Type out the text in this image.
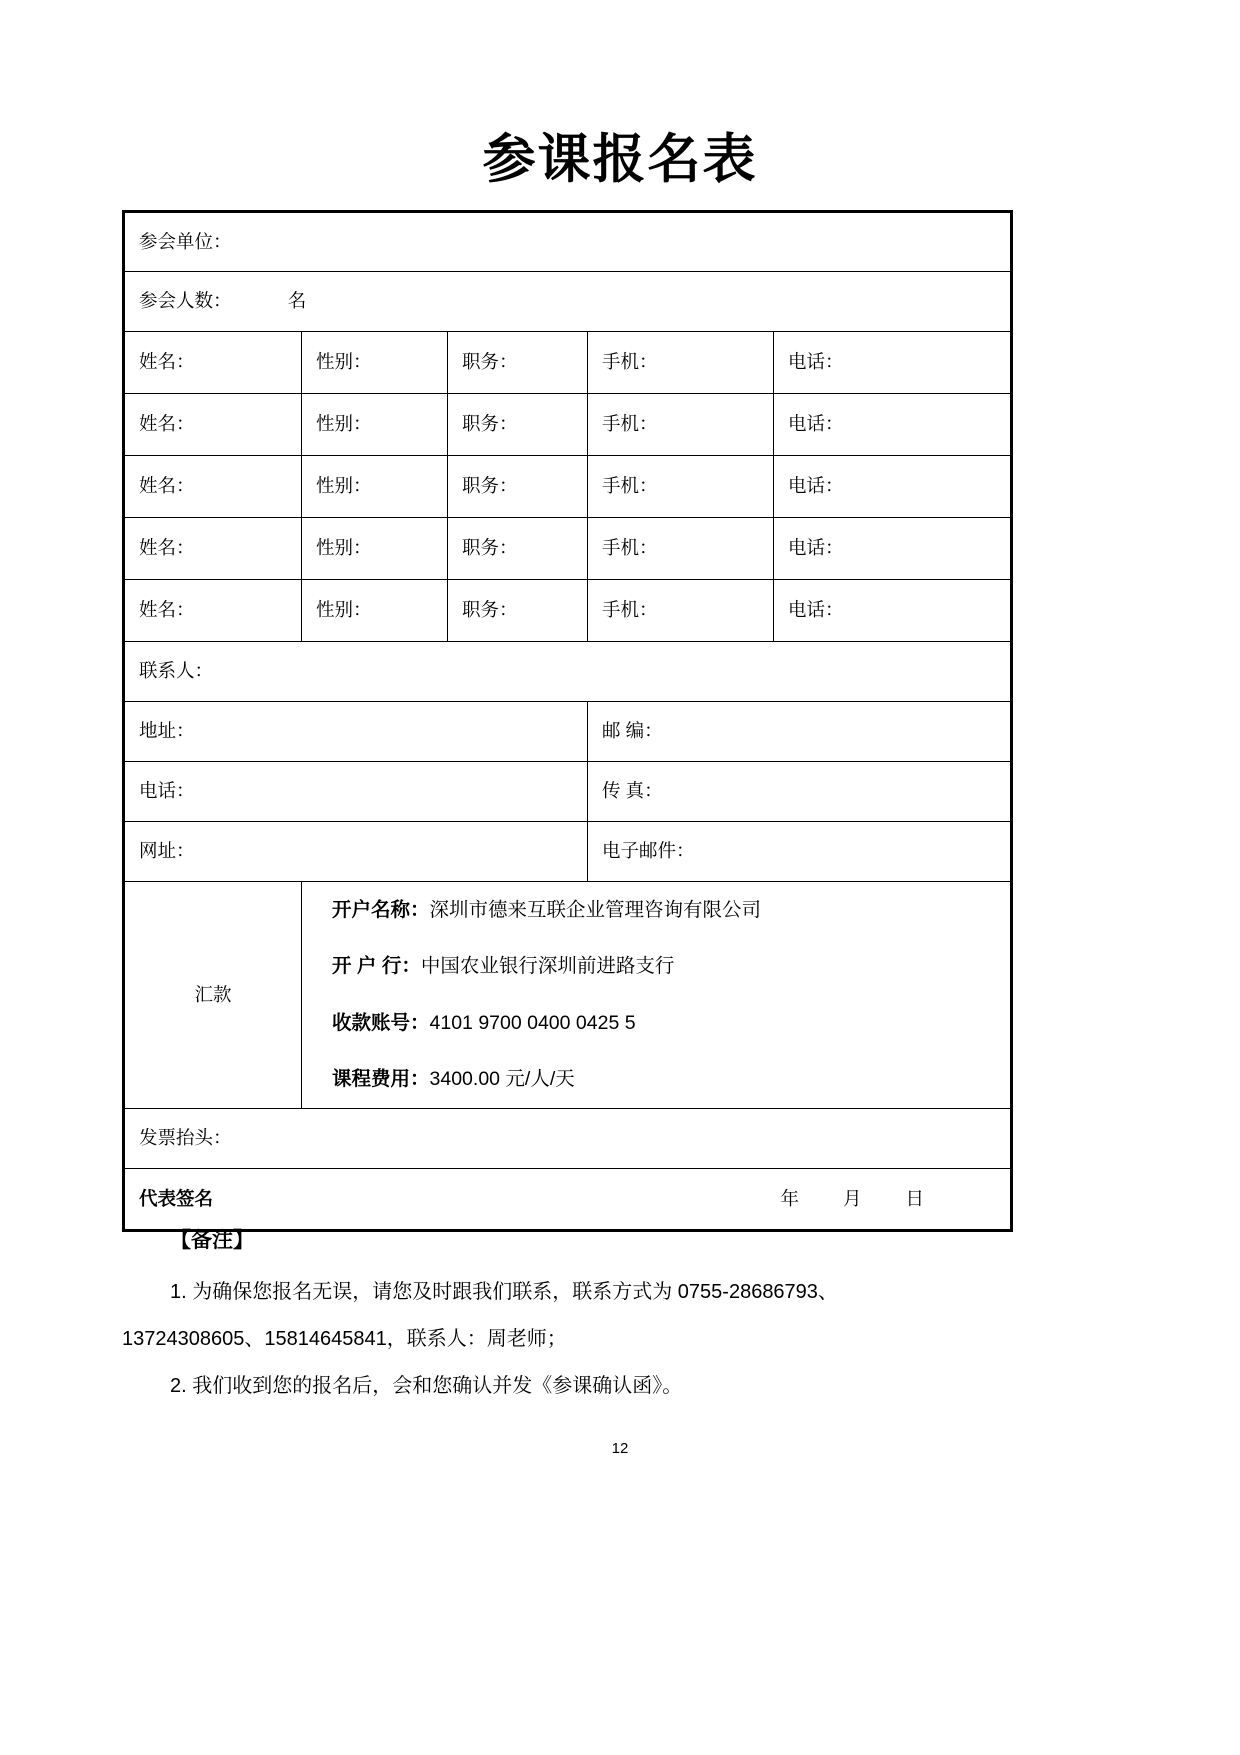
参课报名表
参会单位：				
参会人数： 名				
姓名：	性别：	职务：	手机：	电话：
姓名：	性别：	职务：	手机：	电话：
姓名：	性别：	职务：	手机：	电话：
姓名：	性别：	职务：	手机：	电话：
姓名：	性别：	职务：	手机：	电话：
联系人：				
地址：			邮 编：	
电话：			传 真：	
网址：			电子邮件：	
汇款	开户名称：深圳市德来互联企业管理咨询有限公司
开 户 行：中国农业银行深圳前进路支行
收款账号：4101 9700 0400 0425 5
课程费用：3400.00 元/人/天			

发票抬头：				

代表签名 年 月 日				
【备注】

1. 为确保您报名无误，请您及时跟我们联系，联系方式为 0755-28686793、

13724308605、15814645841，联系人：周老师；

2. 我们收到您的报名后，会和您确认并发《参课确认函》。

12
